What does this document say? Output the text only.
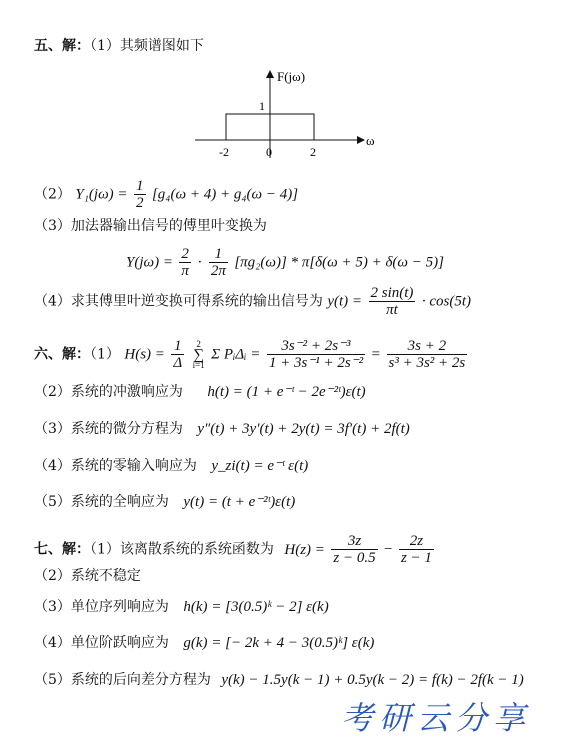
五、解：（1）其频谱图如下
F(jω)
ω
1
-2	0	2
（2） $Y_1(j\omega) = \frac{1}{2} [g_4(\omega + 4) + g_4(\omega - 4)]$
（3）加法器输出信号的傅里叶变换为
$Y(j\omega) = \frac{2}{\pi} \cdot \frac{1}{2\pi} [\pi g_2(\omega)] * \pi[\delta(\omega + 5) + \delta(\omega - 5)]$
（4）求其傅里叶逆变换可得系统的输出信号为 $y(t) = \frac{2 \sin(t)}{\pi t} \cdot \cos(5t)$
六、解：（1） $H(s) = \frac{1}{\Delta}$
	2
∑
i=1
Σ PᵢΔᵢ = $\frac{\text{3s⁻² + 2s⁻³}}{\text{1 + 3s⁻¹ + 2s⁻²}} = \frac{3s + 2}{\text{s³ + 3s² + 2s}}$
（2）系统的冲激响应为 h(t) = (1 + e⁻ᵗ − 2e⁻²ᵗ)ε(t)
（3）系统的微分方程为 y″(t) + 3y′(t) + 2y(t) = 3f′(t) + 2f(t)
（4）系统的零输入响应为 y_zi(t) = e⁻ᵗ ε(t)
（5）系统的全响应为 y(t) = (t + e⁻²ᵗ)ε(t)
七、解：（1）该离散系统的系统函数为 $H(z) = \frac{3z}{z - 0.5} - \frac{2z}{z - 1}$
（2）系统不稳定
（3）单位序列响应为 h(k) = [3(0.5)ᵏ − 2] ε(k)
（4）单位阶跃响应为 g(k) = [− 2k + 4 − 3(0.5)ᵏ] ε(k)
（5）系统的后向差分方程为 y(k) − 1.5y(k − 1) + 0.5y(k − 2) = f(k) − 2f(k − 1)
考研云分享
